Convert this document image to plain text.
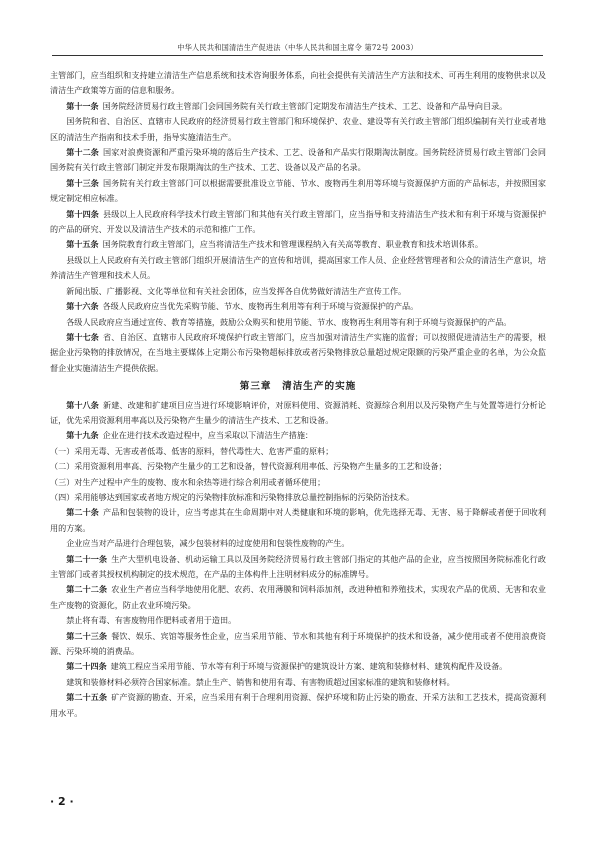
中华人民共和国清洁生产促进法（中华人民共和国主席令 第72号 2003）

主管部门，应当组织和支持建立清洁生产信息系统和技术咨询服务体系，向社会提供有关清洁生产方法和技术、可再生利用的废物供求以及清洁生产政策等方面的信息和服务。

第十一条 国务院经济贸易行政主管部门会同国务院有关行政主管部门定期发布清洁生产技术、工艺、设备和产品导向目录。

国务院和省、自治区、直辖市人民政府的经济贸易行政主管部门和环境保护、农业、建设等有关行政主管部门组织编制有关行业或者地区的清洁生产指南和技术手册，指导实施清洁生产。

第十二条 国家对浪费资源和严重污染环境的落后生产技术、工艺、设备和产品实行限期淘汰制度。国务院经济贸易行政主管部门会同国务院有关行政主管部门制定并发布限期淘汰的生产技术、工艺、设备以及产品的名录。

第十三条 国务院有关行政主管部门可以根据需要批准设立节能、节水、废物再生利用等环境与资源保护方面的产品标志，并按照国家规定制定相应标准。

第十四条 县级以上人民政府科学技术行政主管部门和其他有关行政主管部门，应当指导和支持清洁生产技术和有利于环境与资源保护的产品的研究、开发以及清洁生产技术的示范和推广工作。

第十五条 国务院教育行政主管部门，应当将清洁生产技术和管理课程纳入有关高等教育、职业教育和技术培训体系。

县级以上人民政府有关行政主管部门组织开展清洁生产的宣传和培训，提高国家工作人员、企业经营管理者和公众的清洁生产意识，培养清洁生产管理和技术人员。

新闻出版、广播影视、文化等单位和有关社会团体，应当发挥各自优势做好清洁生产宣传工作。

第十六条 各级人民政府应当优先采购节能、节水、废物再生利用等有利于环境与资源保护的产品。

各级人民政府应当通过宣传、教育等措施，鼓励公众购买和使用节能、节水、废物再生利用等有利于环境与资源保护的产品。

第十七条 省、自治区、直辖市人民政府环境保护行政主管部门，应当加强对清洁生产实施的监督；可以按照促进清洁生产的需要，根据企业污染物的排放情况，在当地主要媒体上定期公布污染物超标排放或者污染物排放总量超过规定限额的污染严重企业的名单，为公众监督企业实施清洁生产提供依据。

第三章　清洁生产的实施

第十八条 新建、改建和扩建项目应当进行环境影响评价，对原料使用、资源消耗、资源综合利用以及污染物产生与处置等进行分析论证，优先采用资源利用率高以及污染物产生量少的清洁生产技术、工艺和设备。

第十九条 企业在进行技术改造过程中，应当采取以下清洁生产措施：

（一）采用无毒、无害或者低毒、低害的原料，替代毒性大、危害严重的原料；

（二）采用资源利用率高、污染物产生量少的工艺和设备，替代资源利用率低、污染物产生量多的工艺和设备；

（三）对生产过程中产生的废物、废水和余热等进行综合利用或者循环使用；

（四）采用能够达到国家或者地方规定的污染物排放标准和污染物排放总量控制指标的污染防治技术。

第二十条 产品和包装物的设计，应当考虑其在生命周期中对人类健康和环境的影响，优先选择无毒、无害、易于降解或者便于回收利用的方案。

企业应当对产品进行合理包装，减少包装材料的过度使用和包装性废物的产生。

第二十一条 生产大型机电设备、机动运输工具以及国务院经济贸易行政主管部门指定的其他产品的企业，应当按照国务院标准化行政主管部门或者其授权机构制定的技术规范，在产品的主体构件上注明材料成分的标准牌号。

第二十二条 农业生产者应当科学地使用化肥、农药、农用薄膜和饲料添加剂，改进种植和养殖技术，实现农产品的优质、无害和农业生产废物的资源化，防止农业环境污染。

禁止将有毒、有害废物用作肥料或者用于造田。

第二十三条 餐饮、娱乐、宾馆等服务性企业，应当采用节能、节水和其他有利于环境保护的技术和设备，减少使用或者不使用浪费资源、污染环境的消费品。

第二十四条 建筑工程应当采用节能、节水等有利于环境与资源保护的建筑设计方案、建筑和装修材料、建筑构配件及设备。

建筑和装修材料必须符合国家标准。禁止生产、销售和使用有毒、有害物质超过国家标准的建筑和装修材料。

第二十五条 矿产资源的勘查、开采，应当采用有利于合理利用资源、保护环境和防止污染的勘查、开采方法和工艺技术，提高资源利用水平。

· 2 ·
